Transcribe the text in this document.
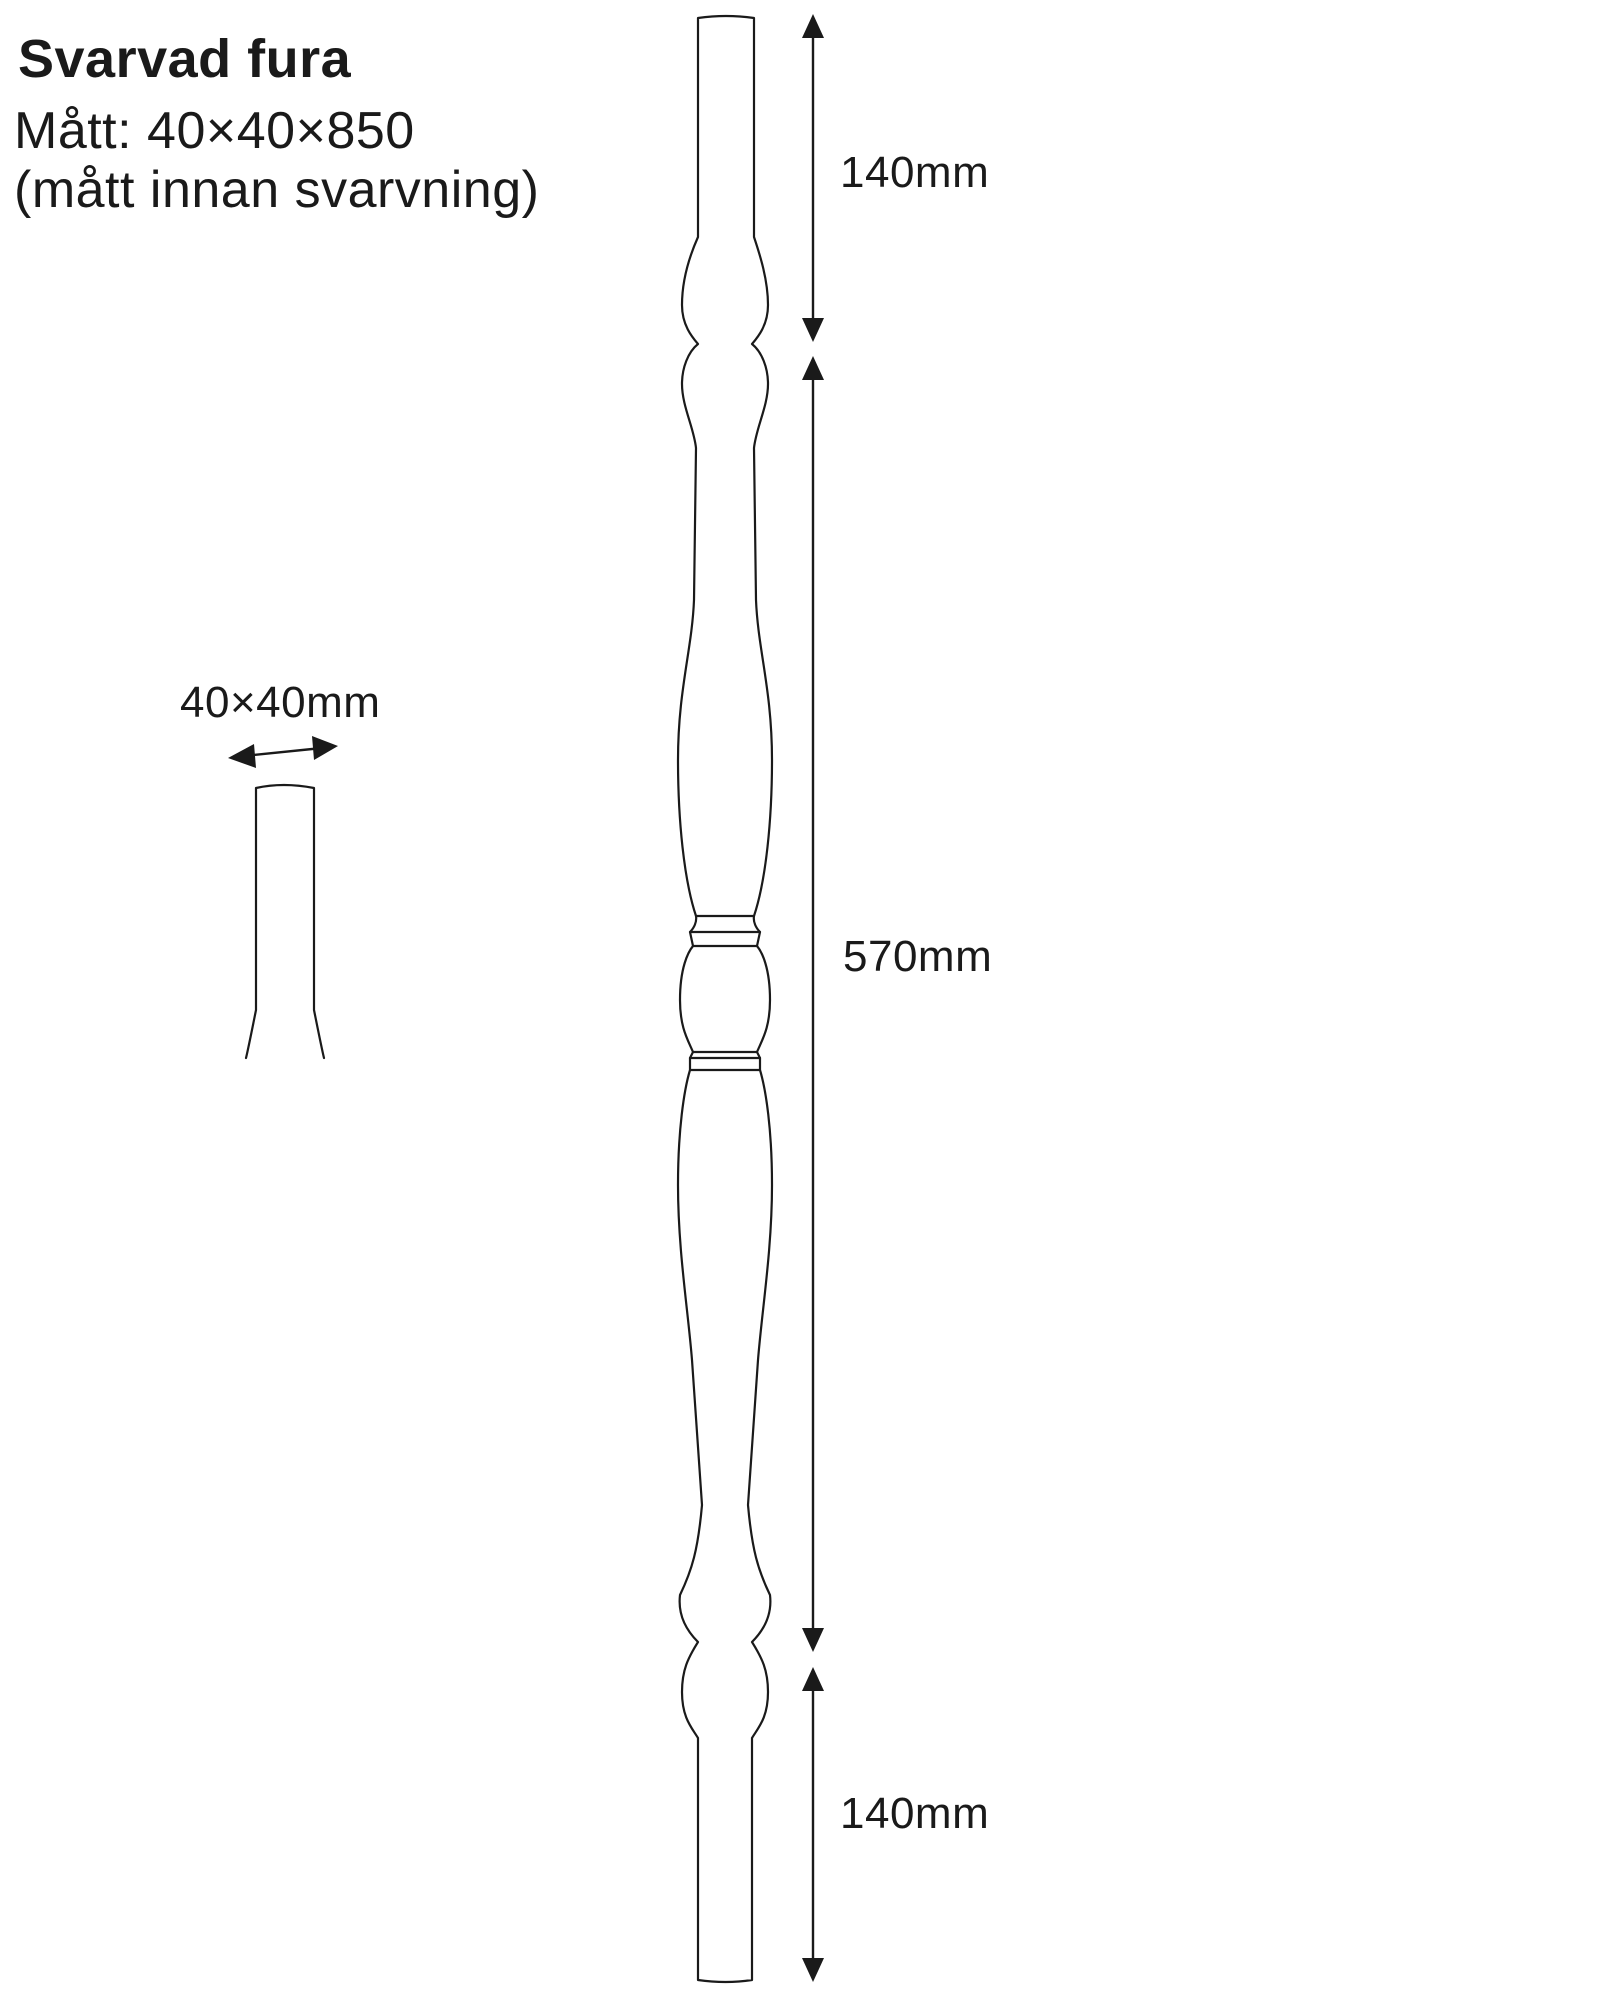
Svarvad fura
Mått: 40×40×850
(mått innan svarvning)	140mm
570mm
140mm
40×40mm
